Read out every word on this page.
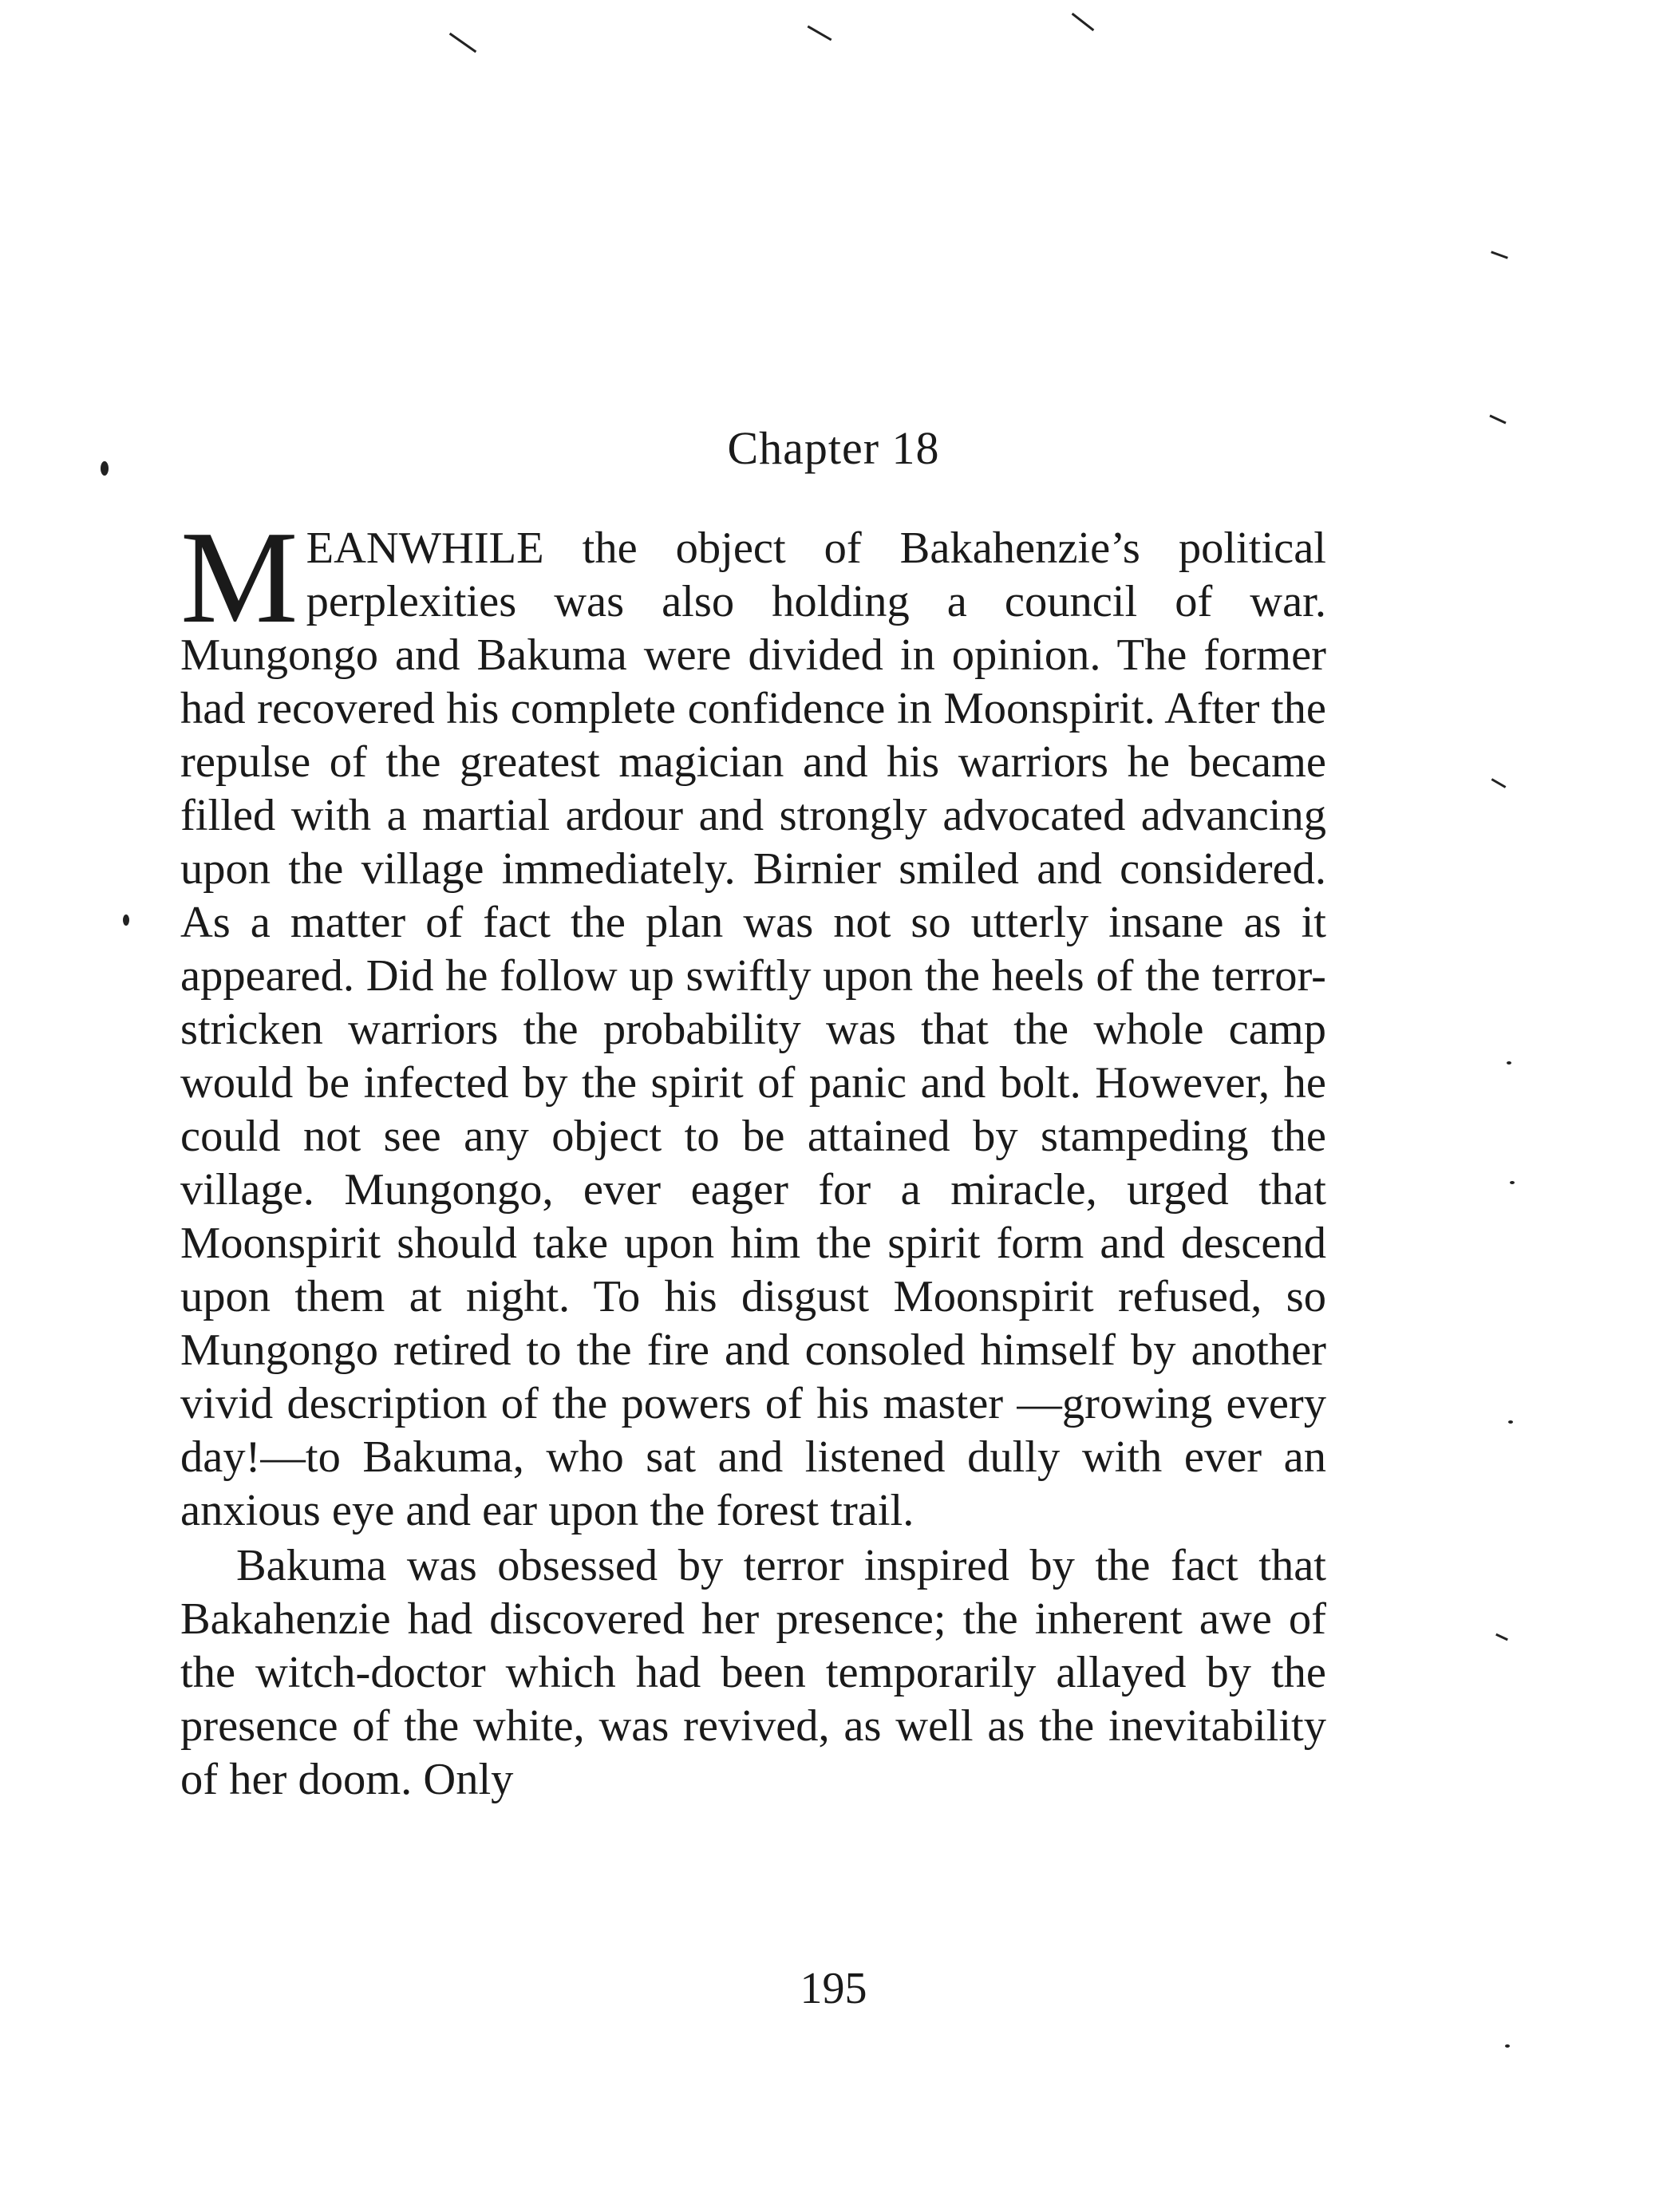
Chapter 18

MEANWHILE the object of Bakahenzie’s political perplexities was also holding a council of war. Mungongo and Bakuma were divided in opinion. The former had recovered his complete confidence in Moonspirit. After the repulse of the greatest magician and his warriors he became filled with a martial ardour and strongly advocated advancing upon the village immediately. Birnier smiled and considered. As a matter of fact the plan was not so utterly insane as it appeared. Did he follow up swiftly upon the heels of the terror-stricken warriors the probability was that the whole camp would be infected by the spirit of panic and bolt. However, he could not see any object to be attained by stampeding the village. Mungongo, ever eager for a miracle, urged that Moonspirit should take upon him the spirit form and descend upon them at night. To his disgust Moonspirit refused, so Mungongo retired to the fire and consoled himself by another vivid description of the powers of his master —growing every day!—to Bakuma, who sat and listened dully with ever an anxious eye and ear upon the forest trail.

Bakuma was obsessed by terror inspired by the fact that Bakahenzie had discovered her presence; the inherent awe of the witch-doctor which had been temporarily allayed by the presence of the white, was revived, as well as the inevitability of her doom. Only

195
